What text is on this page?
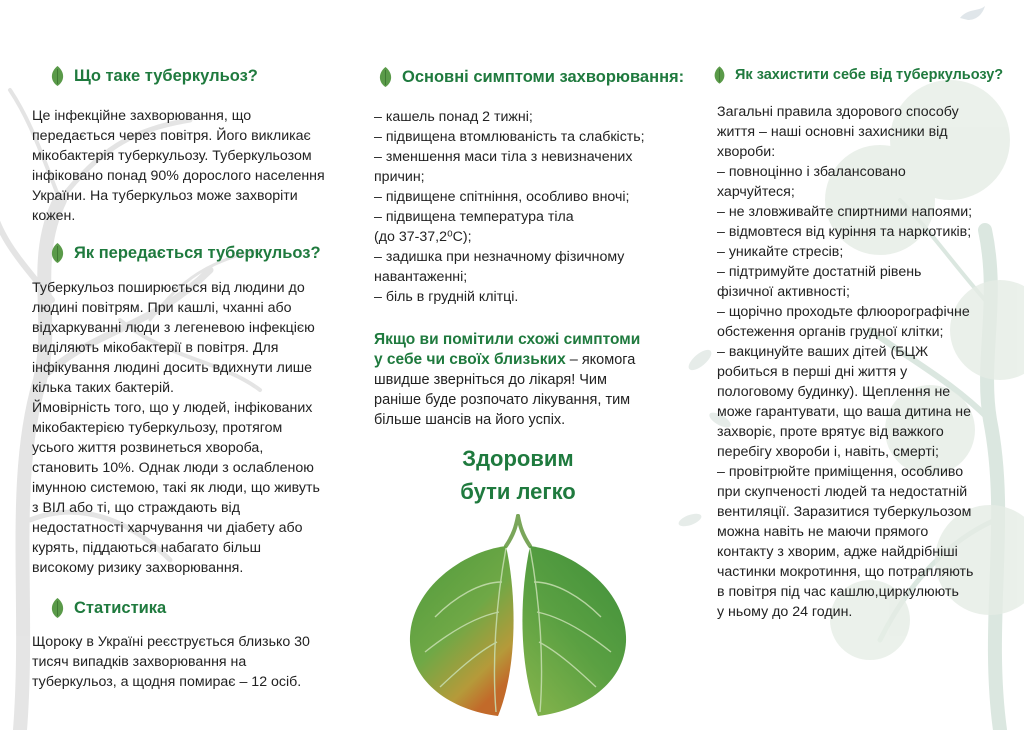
Що таке туберкульоз?

Це інфекційне захворювання, що
передається через повітря. Його викликає
мікобактерія туберкульозу. Туберкульозом
інфіковано понад 90% дорослого населення
України. На туберкульоз може захворіти
кожен.

Як передається туберкульоз?

Туберкульоз поширюється від людини до
людині повітрям. При кашлі, чханні або
відхаркуванні люди з легеневою інфекцією
виділяють мікобактерії в повітря. Для
інфікування людині досить вдихнути лише
кілька таких бактерій.
Ймовірність того, що у людей, інфікованих
мікобактерією туберкульозу, протягом
усього життя розвинеться хвороба,
становить 10%. Однак люди з ослабленою
імунною системою, такі як люди, що живуть
з ВІЛ або ті, що страждають від
недостатності харчування чи діабету або
курять, піддаються набагато більш
високому ризику захворювання.

Статистика

Щороку в Україні реєструється близько 30
тисяч випадків захворювання на
туберкульоз, а щодня помирає – 12 осіб.

Основні симптоми захворювання:

– кашель понад 2 тижні;
– підвищена втомлюваність та слабкість;
– зменшення маси тіла з невизначених
причин;
– підвищене спітніння, особливо вночі;
– підвищена температура тіла
(до 37-37,2⁰С);
– задишка при незначному фізичному
навантаженні;
– біль в грудній клітці.

Якщо ви помітили схожі симптоми
у себе чи своїх близьких – якомога
швидше зверніться до лікаря! Чим
раніше буде розпочато лікування, тим
більше шансів на його успіх.

Здоровим
бути легко
Як захистити себе від туберкульозу?

Загальні правила здорового способу
життя – наші основні захисники від
хвороби:
– повноцінно і збалансовано
харчуйтеся;
– не зловживайте спиртними напоями;
– відмовтеся від куріння та наркотиків;
– уникайте стресів;
– підтримуйте достатній рівень
фізичної активності;
– щорічно проходьте флюорографічне
обстеження органів грудної клітки;
– вакцинуйте ваших дітей (БЦЖ
робиться в перші дні життя у
пологовому будинку). Щеплення не
може гарантувати, що ваша дитина не
захворіє, проте врятує від важкого
перебігу хвороби і, навіть, смерті;
– провітрюйте приміщення, особливо
при скупченості людей та недостатній
вентиляції. Заразитися туберкульозом
можна навіть не маючи прямого
контакту з хворим, адже найдрібніші
частинки мокротиння, що потрапляють
в повітря під час кашлю,циркулюють
у ньому до 24 годин.
